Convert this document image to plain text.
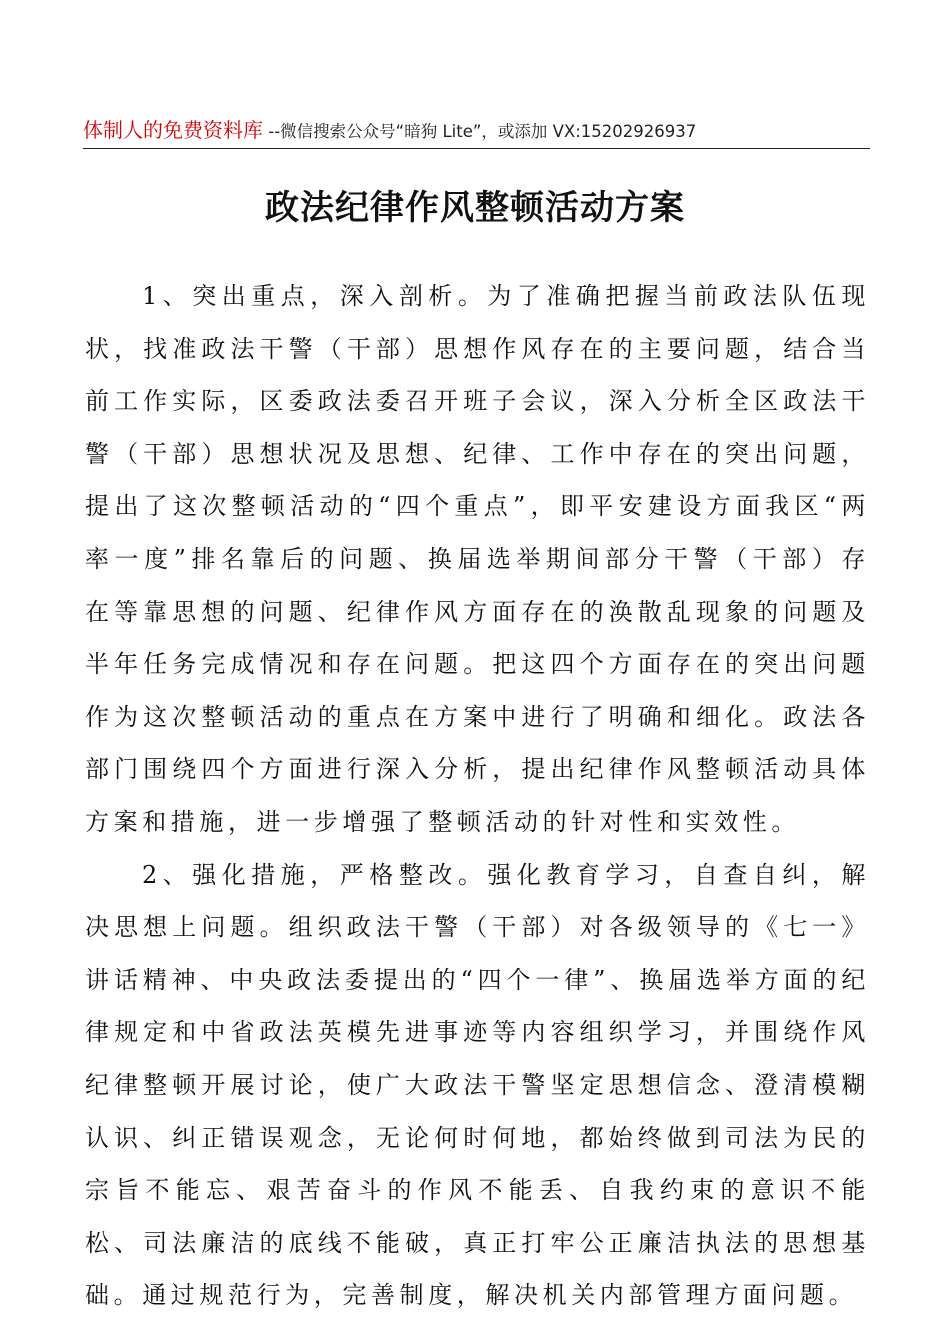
体制人的免费资料库 --微信搜索公众号“暗狗 Lite”，或添加 VX:15202926937
政法纪律作风整顿活动方案

1、突出重点，深入剖析。为了准确把握当前政法队伍现状，找准政法干警（干部）思想作风存在的主要问题，结合当前工作实际，区委政法委召开班子会议，深入分析全区政法干警（干部）思想状况及思想、纪律、工作中存在的突出问题，提出了这次整顿活动的“四个重点”，即平安建设方面我区“两率一度”排名靠后的问题、换届选举期间部分干警（干部）存在等靠思想的问题、纪律作风方面存在的涣散乱现象的问题及半年任务完成情况和存在问题。把这四个方面存在的突出问题作为这次整顿活动的重点在方案中进行了明确和细化。政法各部门围绕四个方面进行深入分析，提出纪律作风整顿活动具体方案和措施，进一步增强了整顿活动的针对性和实效性。

2、强化措施，严格整改。强化教育学习，自查自纠，解决思想上问题。组织政法干警（干部）对各级领导的《七一》讲话精神、中央政法委提出的“四个一律”、换届选举方面的纪律规定和中省政法英模先进事迹等内容组织学习，并围绕作风纪律整顿开展讨论，使广大政法干警坚定思想信念、澄清模糊认识、纠正错误观念，无论何时何地，都始终做到司法为民的宗旨不能忘、艰苦奋斗的作风不能丢、自我约束的意识不能松、司法廉洁的底线不能破，真正打牢公正廉洁执法的思想基础。通过规范行为，完善制度，解决机关内部管理方面问题。
